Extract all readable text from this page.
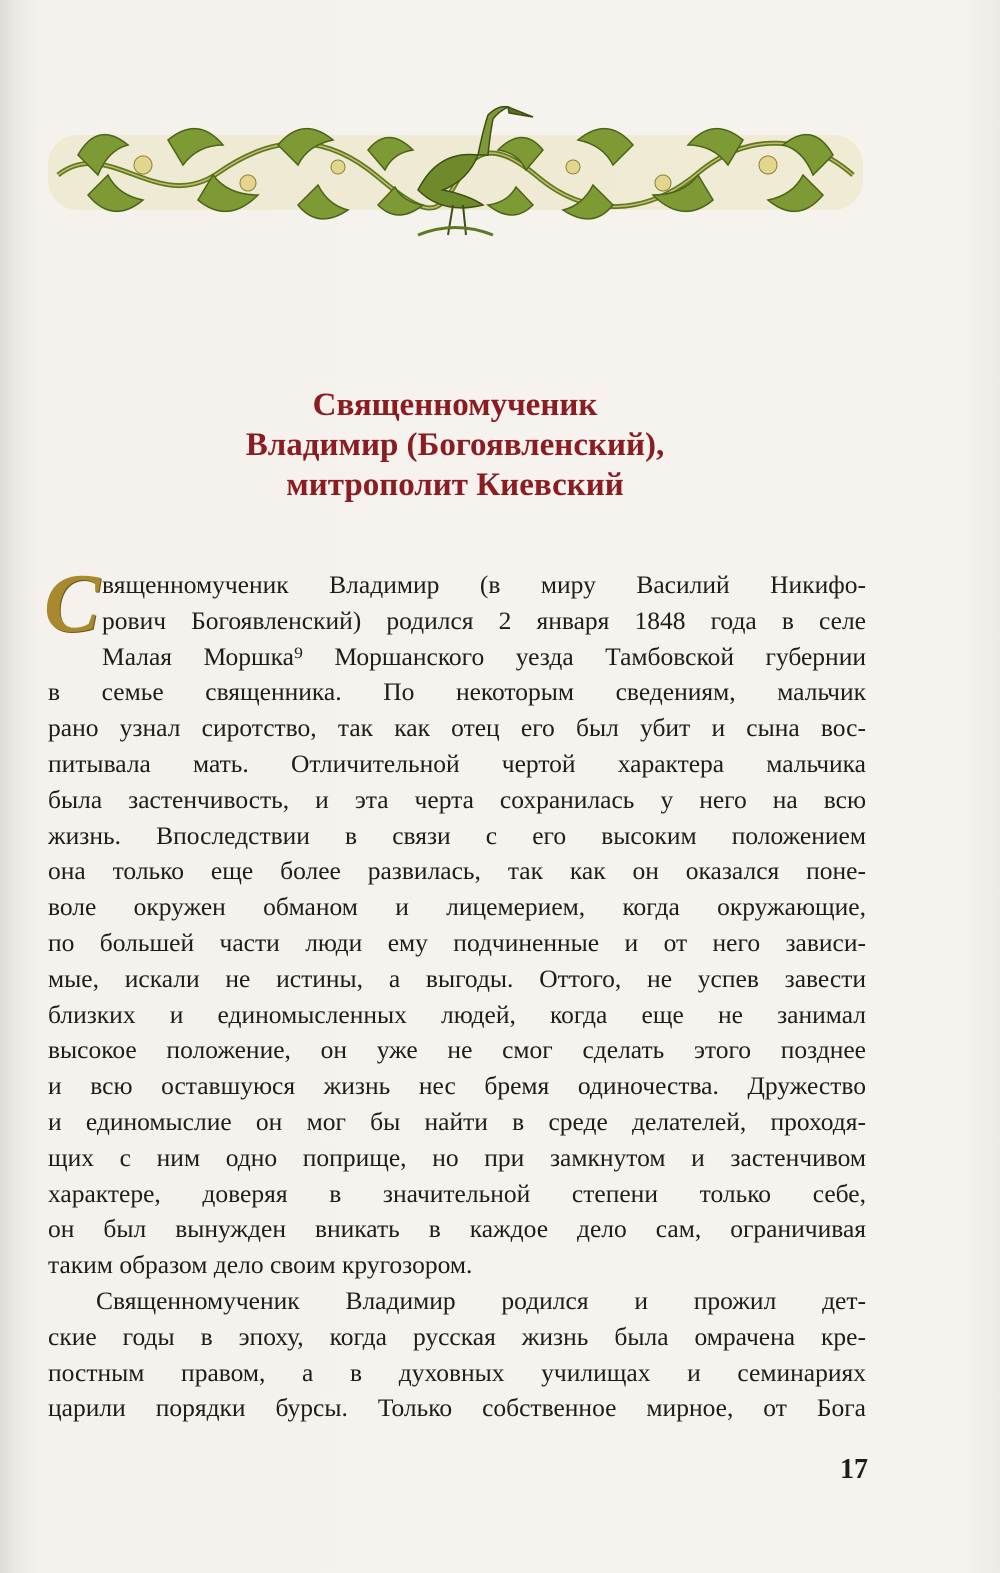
Священномученик
Владимир (Богоявленский),
митрополит Киевский
С вященномученик Владимир (в миру Василий Никифо-
рович Богоявленский) родился 2 января 1848 года в селе
Малая Моршка⁹ Моршанского уезда Тамбовской губернии
в семье священника. По некоторым сведениям, мальчик
рано узнал сиротство, так как отец его был убит и сына вос-
питывала мать. Отличительной чертой характера мальчика
была застенчивость, и эта черта сохранилась у него на всю
жизнь. Впоследствии в связи с его высоким положением
она только еще более развилась, так как он оказался поне-
воле окружен обманом и лицемерием, когда окружающие,
по большей части люди ему подчиненные и от него зависи-
мые, искали не истины, а выгоды. Оттого, не успев завести
близких и единомысленных людей, когда еще не занимал
высокое положение, он уже не смог сделать этого позднее
и всю оставшуюся жизнь нес бремя одиночества. Дружество
и единомыслие он мог бы найти в среде делателей, проходя-
щих с ним одно поприще, но при замкнутом и застенчивом
характере, доверяя в значительной степени только себе,
он был вынужден вникать в каждое дело сам, ограничивая
таким образом дело своим кругозором.
Священномученик Владимир родился и прожил дет-
ские годы в эпоху, когда русская жизнь была омрачена кре-
постным правом, а в духовных училищах и семинариях
царили порядки бурсы. Только собственное мирное, от Бога
17
